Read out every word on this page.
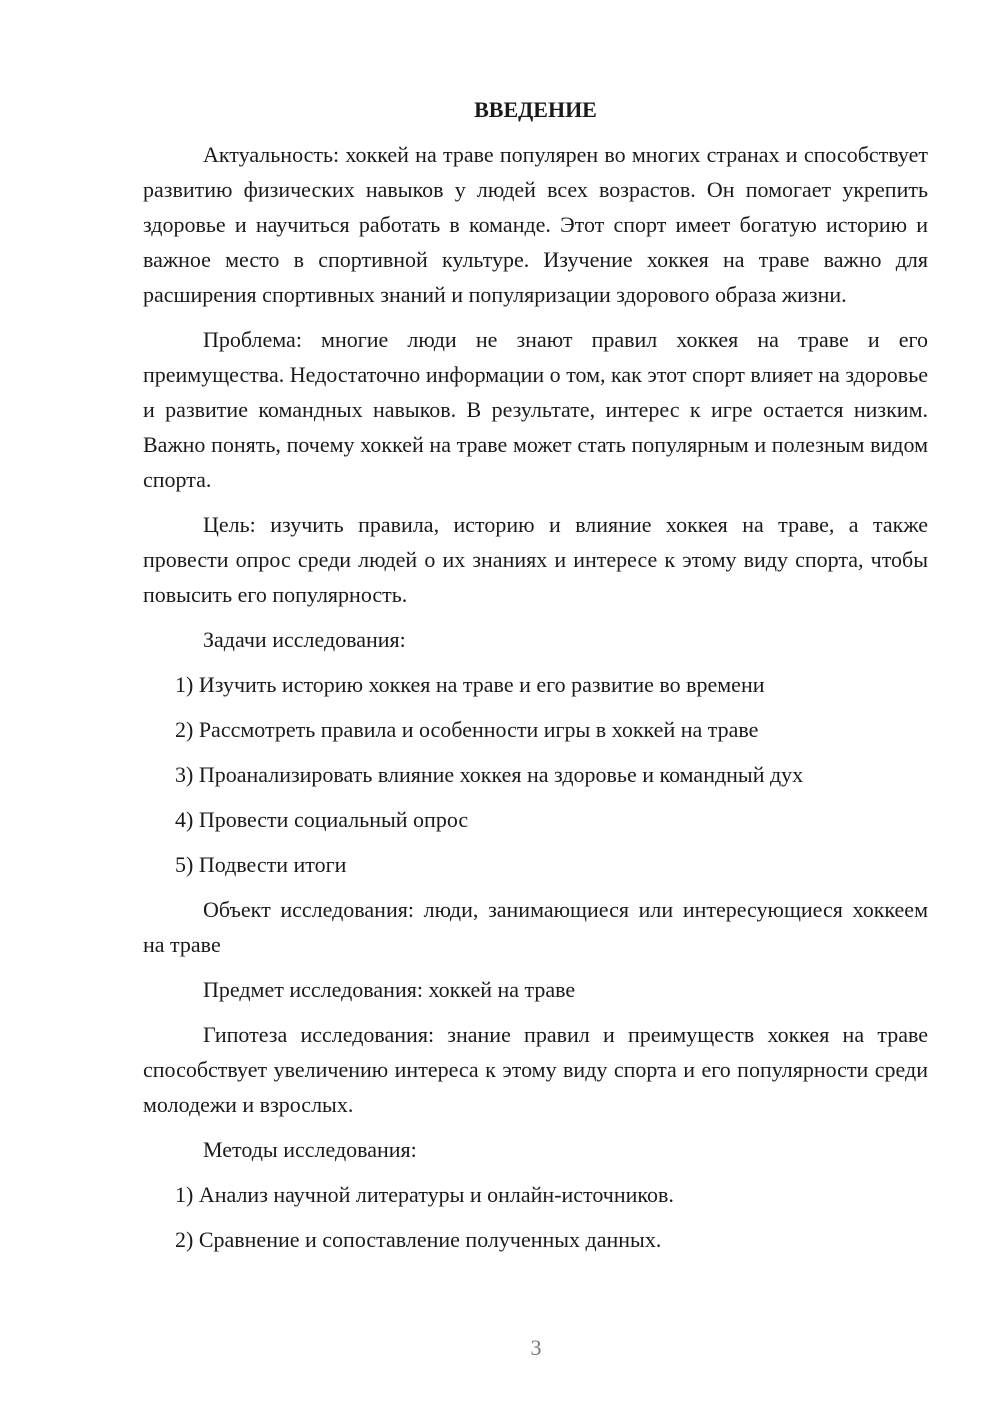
ВВЕДЕНИЕ

Актуальность: хоккей на траве популярен во многих странах и способствует развитию физических навыков у людей всех возрастов. Он помогает укрепить здоровье и научиться работать в команде. Этот спорт имеет богатую историю и важное место в спортивной культуре. Изучение хоккея на траве важно для расширения спортивных знаний и популяризации здорового образа жизни.

Проблема: многие люди не знают правил хоккея на траве и его преимущества. Недостаточно информации о том, как этот спорт влияет на здоровье и развитие командных навыков. В результате, интерес к игре остается низким. Важно понять, почему хоккей на траве может стать популярным и полезным видом спорта.

Цель: изучить правила, историю и влияние хоккея на траве, а также провести опрос среди людей о их знаниях и интересе к этому виду спорта, чтобы повысить его популярность.

Задачи исследования:

1) Изучить историю хоккея на траве и его развитие во времени
2) Рассмотреть правила и особенности игры в хоккей на траве
3) Проанализировать влияние хоккея на здоровье и командный дух
4) Провести социальный опрос
5) Подвести итоги

Объект исследования: люди, занимающиеся или интересующиеся хоккеем на траве

Предмет исследования: хоккей на траве

Гипотеза исследования: знание правил и преимуществ хоккея на траве способствует увеличению интереса к этому виду спорта и его популярности среди молодежи и взрослых.

Методы исследования:

1) Анализ научной литературы и онлайн-источников.
2) Сравнение и сопоставление полученных данных.
3
